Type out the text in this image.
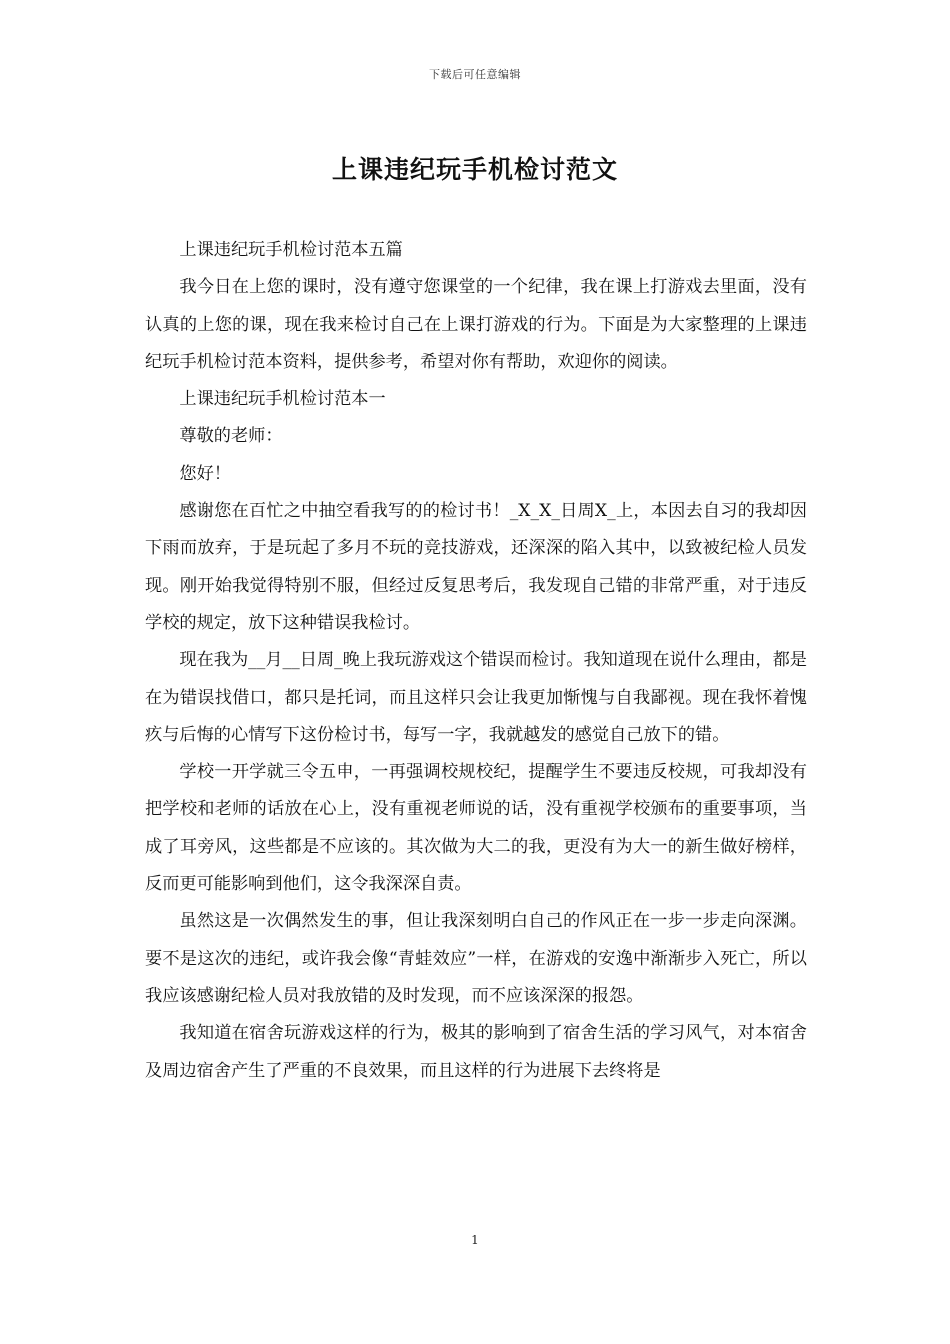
下载后可任意编辑
上课违纪玩手机检讨范文

上课违纪玩手机检讨范本五篇

我今日在上您的课时，没有遵守您课堂的一个纪律，我在课上打游戏去里面，没有认真的上您的课，现在我来检讨自己在上课打游戏的行为。下面是为大家整理的上课违纪玩手机检讨范本资料，提供参考，希望对你有帮助，欢迎你的阅读。

上课违纪玩手机检讨范本一

尊敬的老师：

您好！

感谢您在百忙之中抽空看我写的的检讨书！_X_X_日周X_上，本因去自习的我却因下雨而放弃，于是玩起了多月不玩的竞技游戏，还深深的陷入其中，以致被纪检人员发现。刚开始我觉得特别不服，但经过反复思考后，我发现自己错的非常严重，对于违反学校的规定，放下这种错误我检讨。

现在我为__月__日周_晚上我玩游戏这个错误而检讨。我知道现在说什么理由，都是在为错误找借口，都只是托词，而且这样只会让我更加惭愧与自我鄙视。现在我怀着愧疚与后悔的心情写下这份检讨书，每写一字，我就越发的感觉自己放下的错。

学校一开学就三令五申，一再强调校规校纪，提醒学生不要违反校规，可我却没有把学校和老师的话放在心上，没有重视老师说的话，没有重视学校颁布的重要事项，当成了耳旁风，这些都是不应该的。其次做为大二的我，更没有为大一的新生做好榜样，反而更可能影响到他们，这令我深深自责。

虽然这是一次偶然发生的事，但让我深刻明白自己的作风正在一步一步走向深渊。要不是这次的违纪，或许我会像“青蛙效应”一样，在游戏的安逸中渐渐步入死亡，所以我应该感谢纪检人员对我放错的及时发现，而不应该深深的报怨。

我知道在宿舍玩游戏这样的行为，极其的影响到了宿舍生活的学习风气，对本宿舍及周边宿舍产生了严重的不良效果，而且这样的行为进展下去终将是

1
